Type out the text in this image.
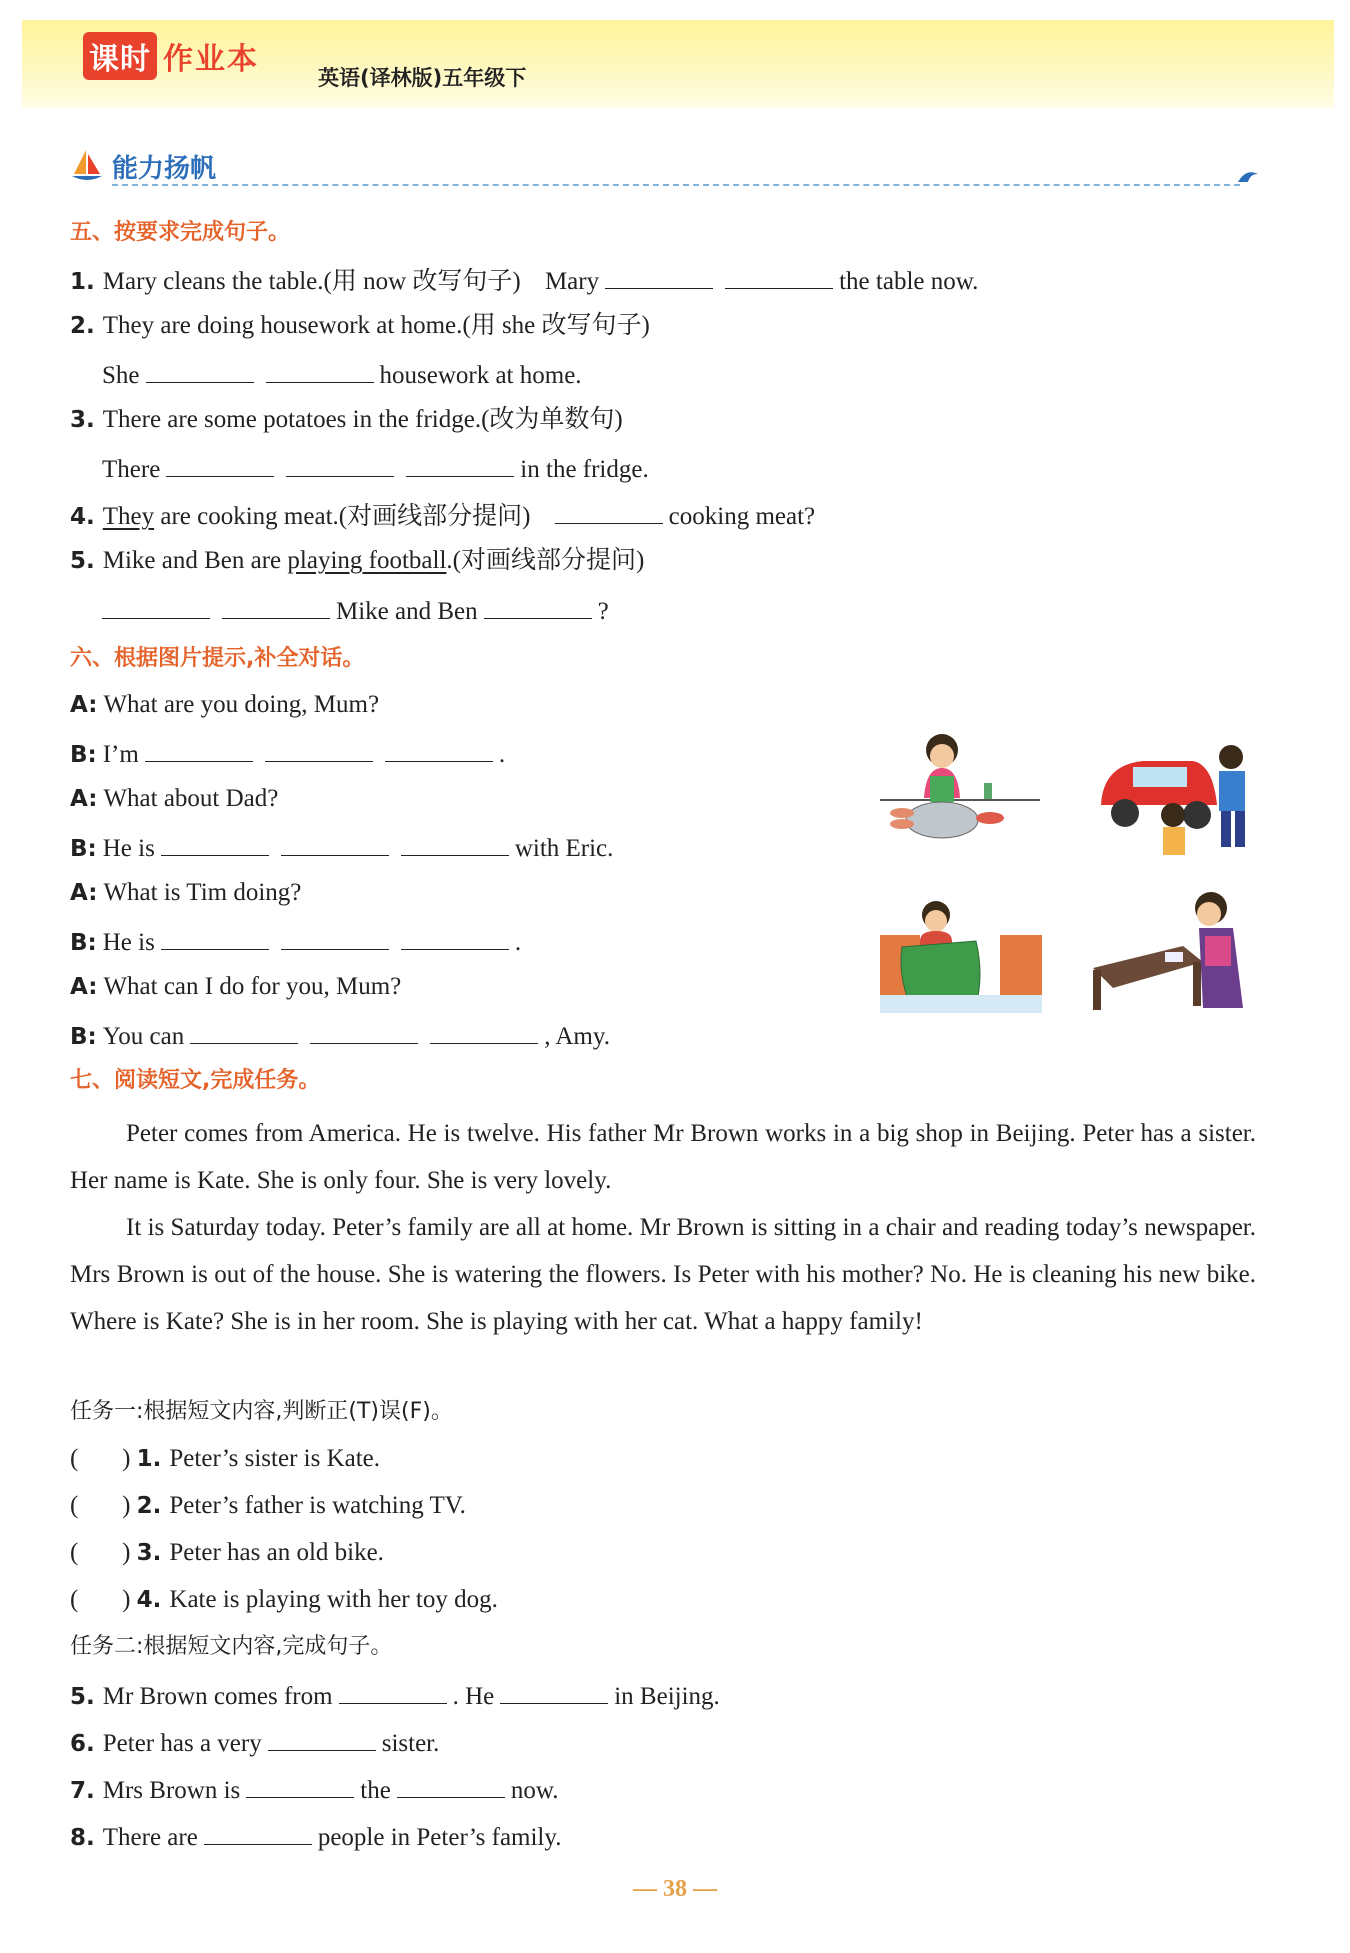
课时 作业本
英语(译林版)五年级下
能力扬帆
五、按要求完成句子。
1. Mary cleans the table.(用 now 改写句子) Mary	the table now.
2. They are doing housework at home.(用 she 改写句子)
She	housework at home.
3. There are some potatoes in the fridge.(改为单数句)
There	in the fridge.
4. They are cooking meat.(对画线部分提问)	cooking meat?
5. Mike and Ben are playing football.(对画线部分提问)
Mike and Ben	?
六、根据图片提示,补全对话。
A: What are you doing, Mum?
B: I’m	.
A: What about Dad?
B: He is	with Eric.
A: What is Tim doing?
B: He is	.
A: What can I do for you, Mum?
B: You can	, Amy.
七、阅读短文,完成任务。

Peter comes from America. He is twelve. His father Mr Brown works in a big shop in Beijing. Peter has a sister. Her name is Kate. She is only four. She is very lovely.

It is Saturday today. Peter’s family are all at home. Mr Brown is sitting in a chair and reading today’s newspaper. Mrs Brown is out of the house. She is watering the flowers. Is Peter with his mother? No. He is cleaning his new bike. Where is Kate? She is in her room. She is playing with her cat. What a happy family!

任务一:根据短文内容,判断正(T)误(F)。
(       ) 1. Peter’s sister is Kate.
(       ) 2. Peter’s father is watching TV.
(       ) 3. Peter has an old bike.
(       ) 4. Kate is playing with her toy dog.
任务二:根据短文内容,完成句子。
5. Mr Brown comes from	. He	in Beijing.
6. Peter has a very	sister.
7. Mrs Brown is	the	now.
8. There are	people in Peter’s family.
— 38 —
